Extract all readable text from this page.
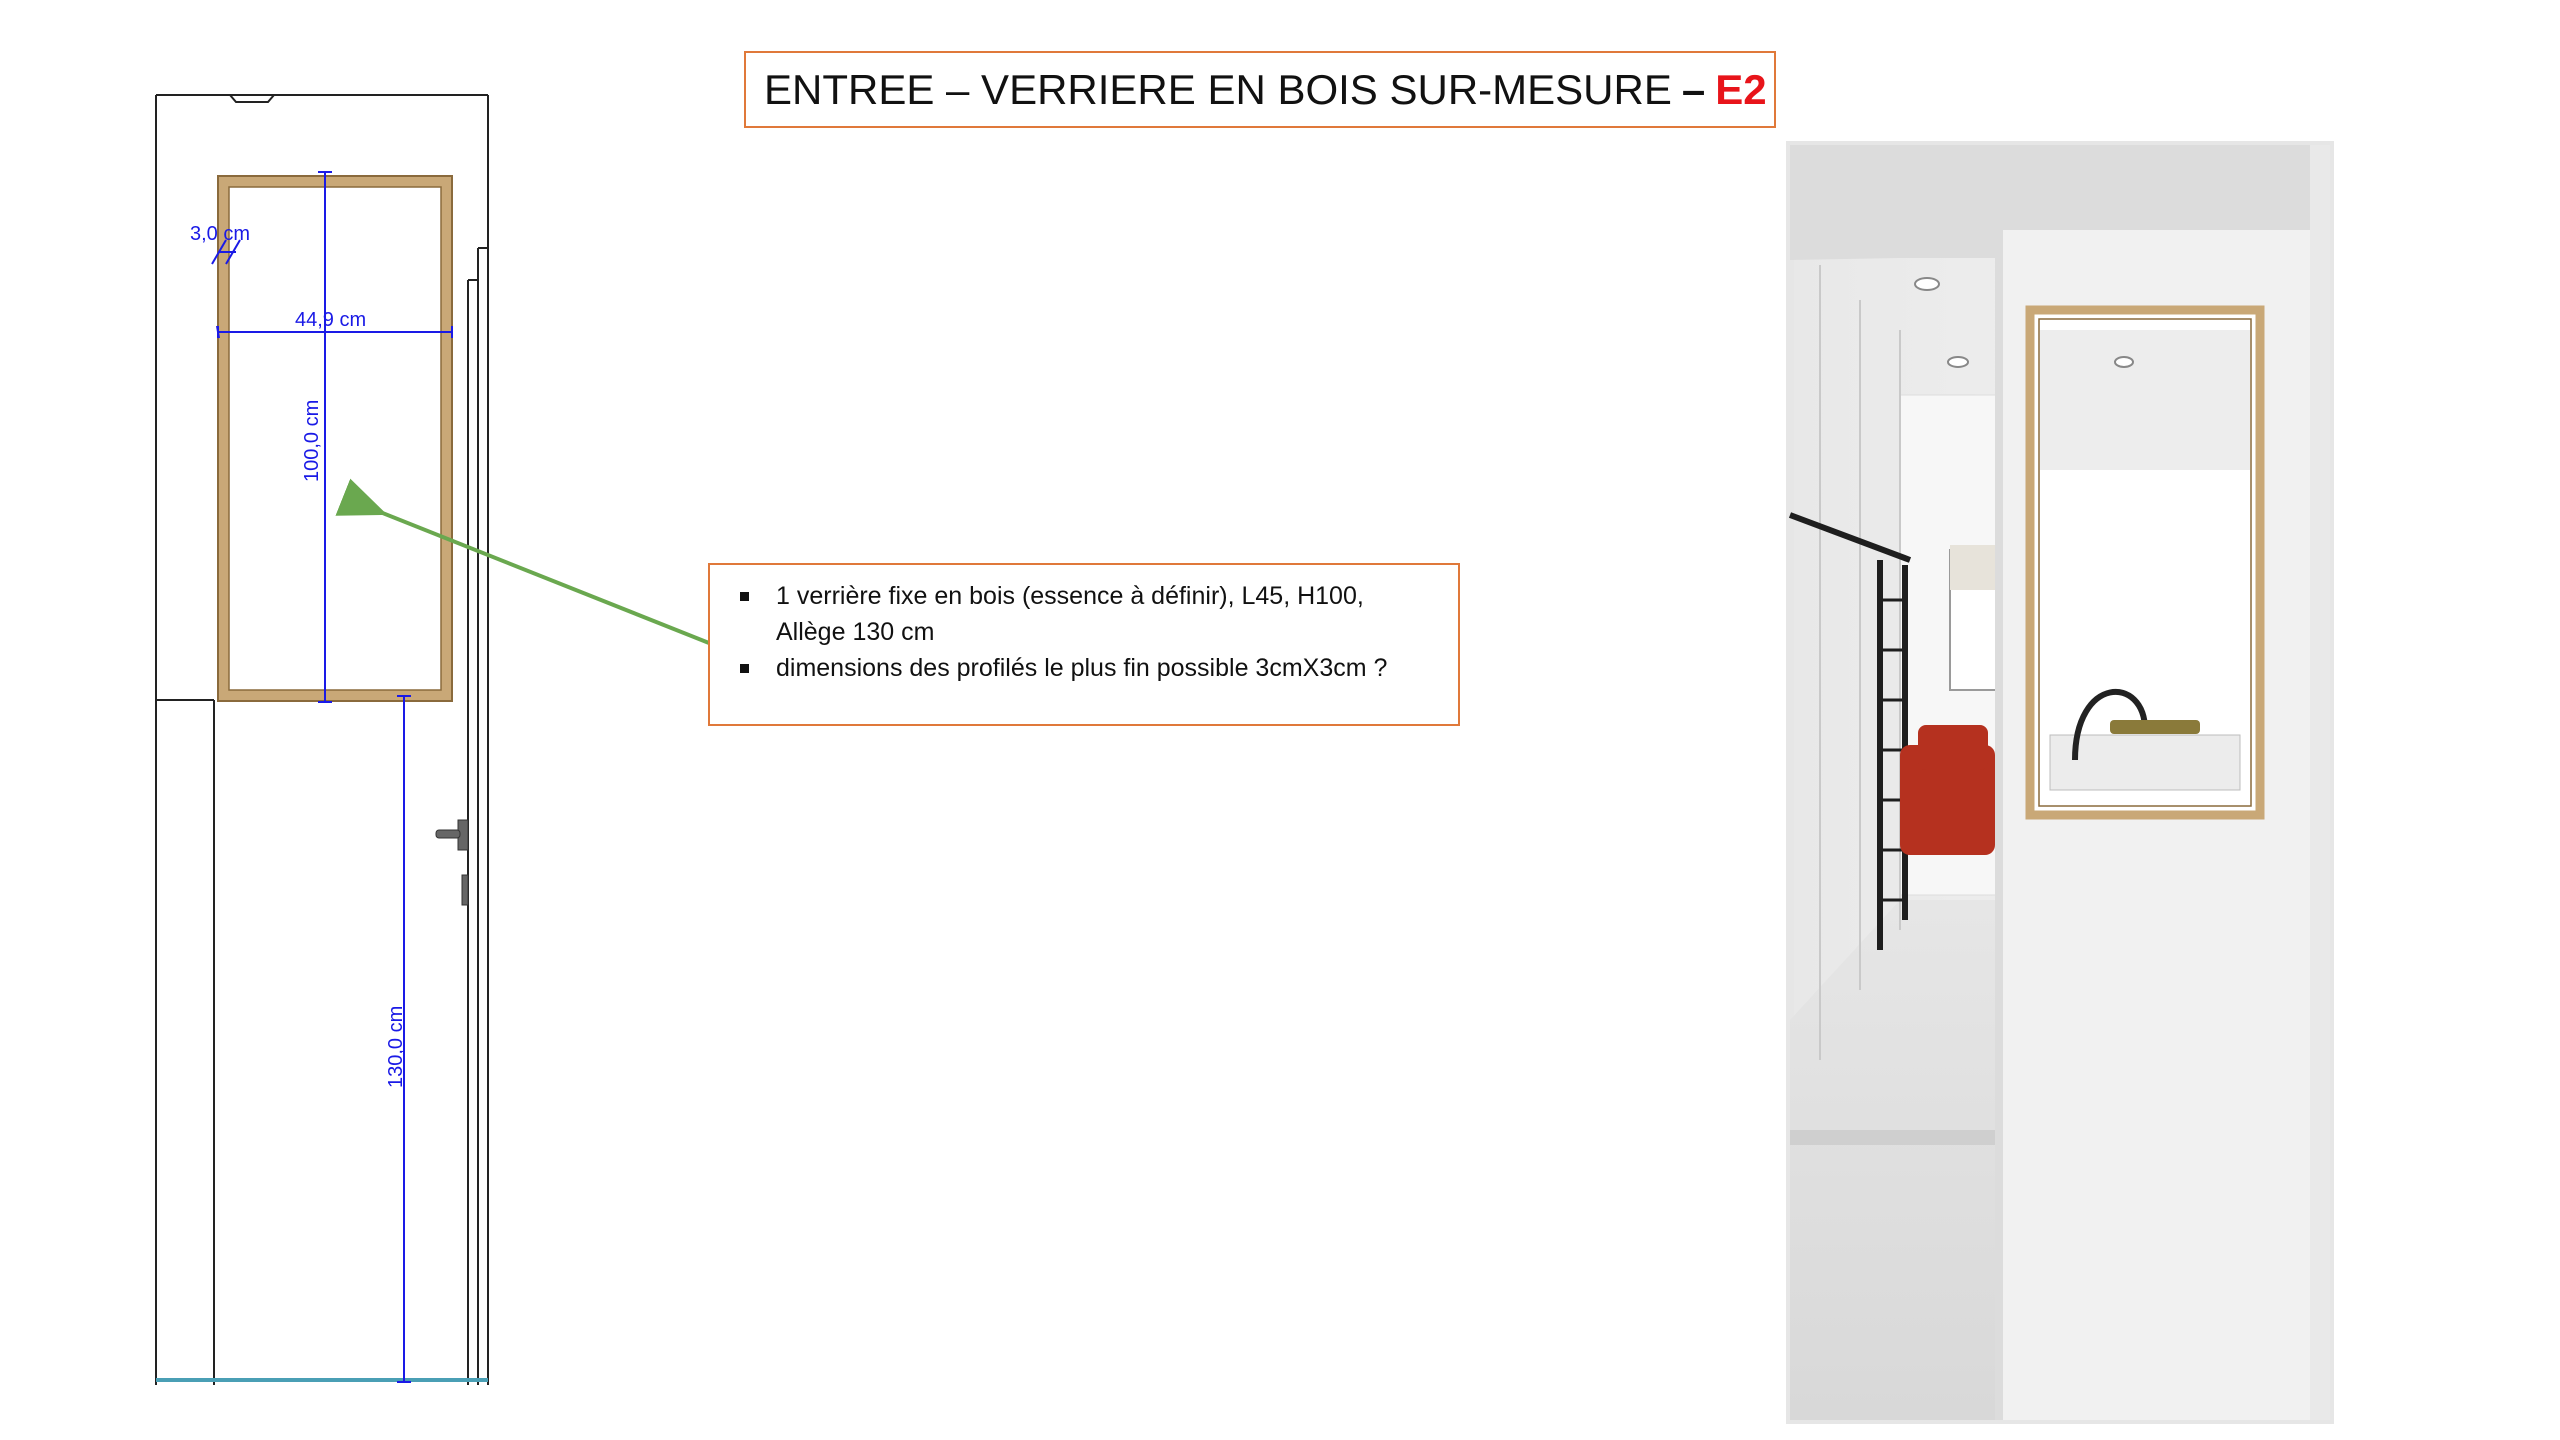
ENTREE – VERRIERE EN BOIS SUR-MESURE – E2
3,0 cm
44,9 cm
100,0 cm
130,0 cm
1 verrière fixe en bois (essence à définir), L45, H100, Allège 130 cm
dimensions des profilés le plus fin possible 3cmX3cm ?
